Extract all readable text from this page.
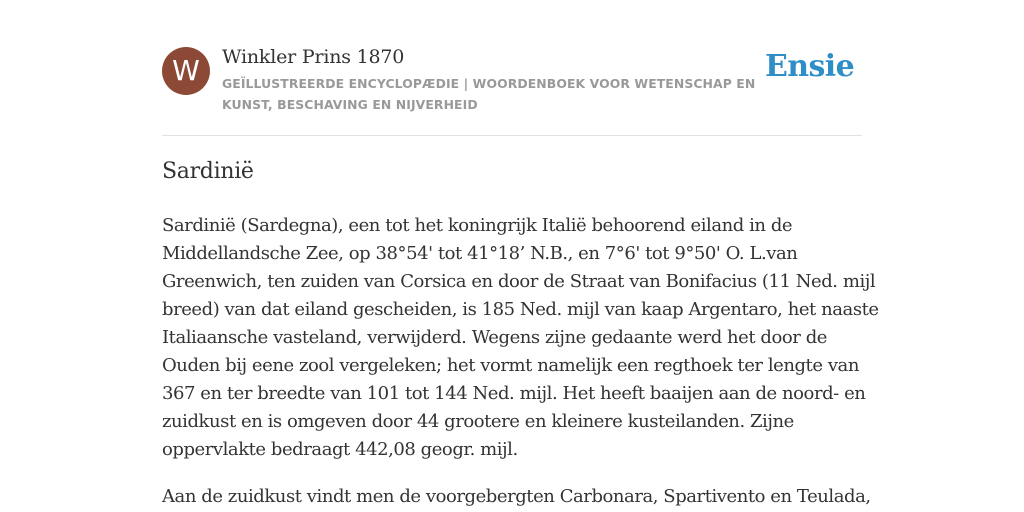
W	Winkler Prins 1870
GEÏLLUSTREERDE ENCYCLOPÆDIE | WOORDENBOEK VOOR WETENSCHAP EN KUNST, BESCHAVING EN NIJVERHEID
Ensie
Sardinië

Sardinië (Sardegna), een tot het koningrijk Italië behoorend eiland in de
Middellandsche Zee, op 38°54' tot 41°18’ N.B., en 7°6' tot 9°50' O. L.van
Greenwich, ten zuiden van Corsica en door de Straat van Bonifacius (11 Ned. mijl
breed) van dat eiland gescheiden, is 185 Ned. mijl van kaap Argentaro, het naaste
Italiaansche vasteland, verwijderd. Wegens zijne gedaante werd het door de
Ouden bij eene zool vergeleken; het vormt namelijk een regthoek ter lengte van
367 en ter breedte van 101 tot 144 Ned. mijl. Het heeft baaijen aan de noord- en
zuidkust en is omgeven door 44 grootere en kleinere kusteilanden. Zijne
oppervlakte bedraagt 442,08 geogr. mijl.

Aan de zuidkust vindt men de voorgebergten Carbonara, Spartivento en Teulada,
